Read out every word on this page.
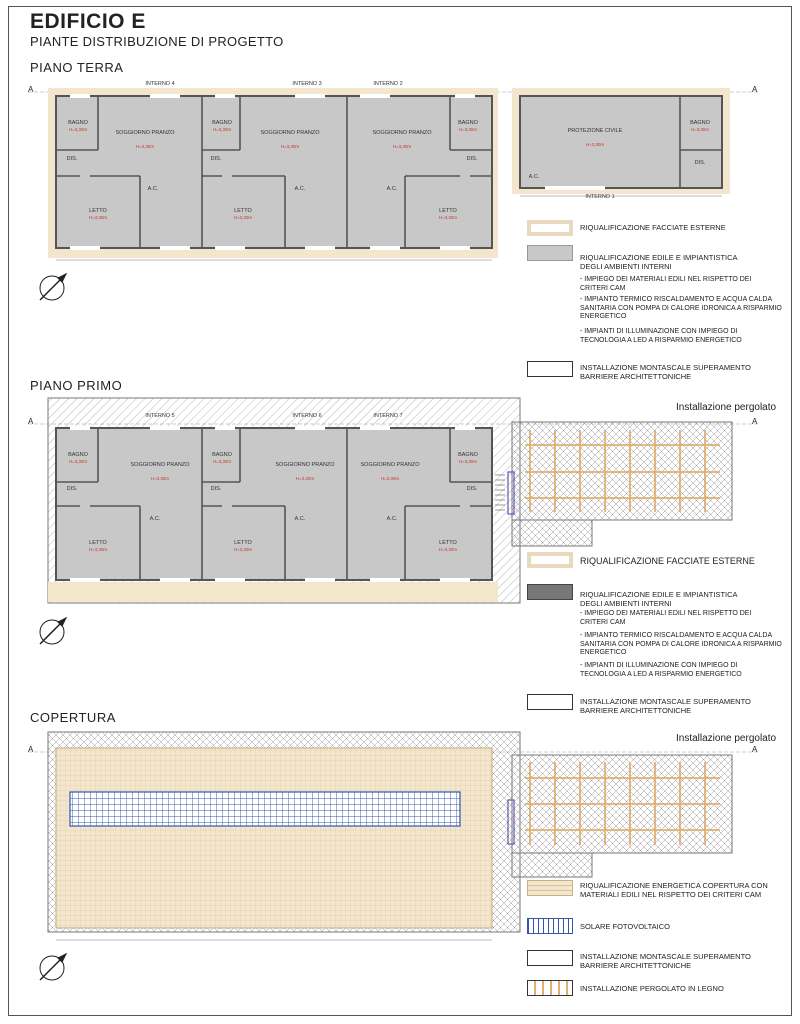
EDIFICIO E
PIANTE DISTRIBUZIONE DI PROGETTO
PIANO TERRA
PIANO PRIMO
COPERTURA
A	A
A	A
A	A
INTERNO 4	INTERNO 3	INTERNO 2
INTERNO 1
BAGNO
SOGGIORNO PRANZO
DIS.
LETTO
A.C.
BAGNO
SOGGIORNO PRANZO
DIS.
LETTO
A.C.
BAGNO
SOGGIORNO PRANZO
DIS.
LETTO
A.C.
PROTEZIONE CIVILE
BAGNO
DIS.
A.C.
H=3,30m
H=3,30m
H=3,30m
H=3,30m
H=3,30m
H=3,30m
H=3,30m
H=3,30m
H=3,30m
H=3,30m
H=3,30m
INTERNO 5	INTERNO 6	INTERNO 7
BAGNO
SOGGIORNO PRANZO
DIS.
LETTO
A.C.
BAGNO
SOGGIORNO PRANZO
DIS.
LETTO
A.C.
BAGNO
SOGGIORNO PRANZO
DIS.
LETTO
A.C.
H=3,30m
H=3,30m
H=3,30m
H=3,30m
H=3,30m
H=3,30m
H=3,30m
H=3,30m
H=3,30m
Installazione pergolato
Installazione pergolato
RIQUALIFICAZIONE FACCIATE ESTERNE
RIQUALIFICAZIONE EDILE E IMPIANTISTICA DEGLI AMBIENTI INTERNI
- IMPIEGO DEI MATERIALI EDILI NEL RISPETTO DEI CRITERI CAM
- IMPIANTO TERMICO RISCALDAMENTO E ACQUA CALDA SANITARIA CON POMPA DI CALORE IDRONICA A RISPARMIO ENERGETICO
- IMPIANTI DI ILLUMINAZIONE CON IMPIEGO DI TECNOLOGIA A LED A RISPARMIO ENERGETICO
INSTALLAZIONE MONTASCALE SUPERAMENTO BARRIERE ARCHITETTONICHE
RIQUALIFICAZIONE FACCIATE ESTERNE
RIQUALIFICAZIONE EDILE E IMPIANTISTICA DEGLI AMBIENTI INTERNI
- IMPIEGO DEI MATERIALI EDILI NEL RISPETTO DEI CRITERI CAM
- IMPIANTO TERMICO RISCALDAMENTO E ACQUA CALDA SANITARIA CON POMPA DI CALORE IDRONICA A RISPARMIO ENERGETICO
- IMPIANTI DI ILLUMINAZIONE CON IMPIEGO DI TECNOLOGIA A LED A RISPARMIO ENERGETICO
INSTALLAZIONE MONTASCALE SUPERAMENTO BARRIERE ARCHITETTONICHE
RIQUALIFICAZIONE ENERGETICA COPERTURA CON MATERIALI EDILI NEL RISPETTO DEI CRITERI CAM
SOLARE FOTOVOLTAICO
INSTALLAZIONE MONTASCALE SUPERAMENTO BARRIERE ARCHITETTONICHE
INSTALLAZIONE PERGOLATO IN LEGNO
